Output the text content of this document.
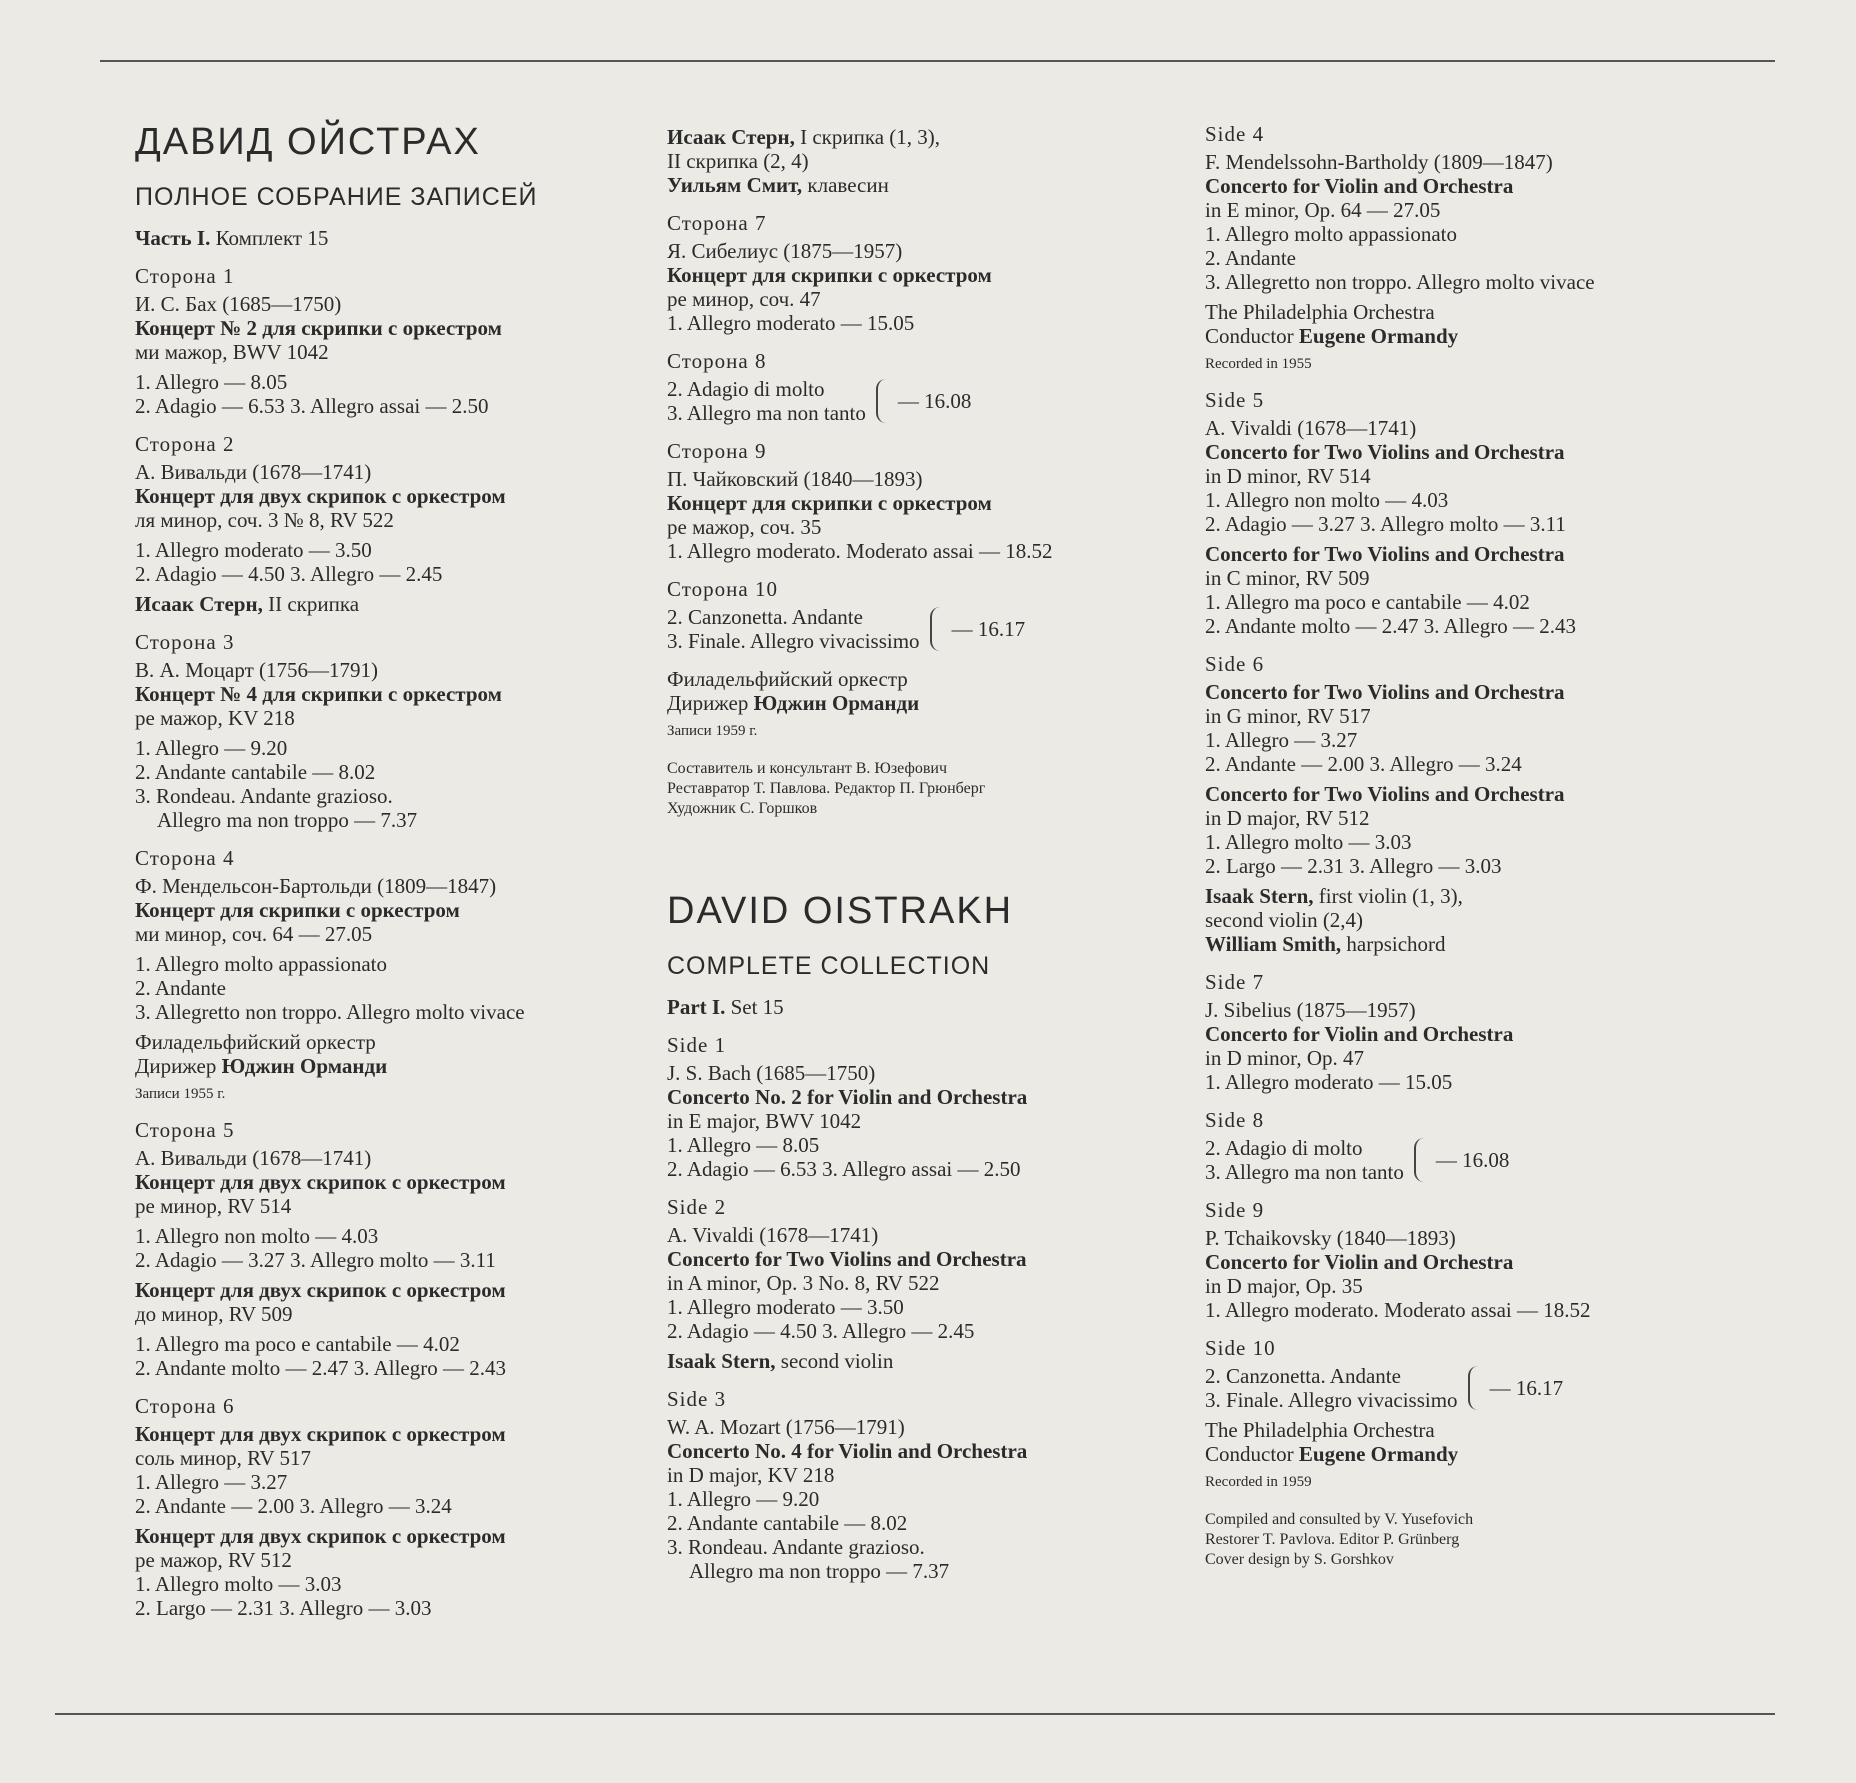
ДАВИД ОЙСТРАХ
ПОЛНОЕ СОБРАНИЕ ЗАПИСЕЙ
Часть I. Комплект 15
Сторона 1
И. С. Бах (1685—1750)
Концерт № 2 для скрипки с оркестром
ми мажор, BWV 1042
1. Allegro — 8.05
2. Adagio — 6.53 3. Allegro assai — 2.50
Сторона 2
А. Вивальди (1678—1741)
Концерт для двух скрипок с оркестром
ля минор, соч. 3 № 8, RV 522
1. Allegro moderato — 3.50
2. Adagio — 4.50 3. Allegro — 2.45
Исаак Стерн, II скрипка
Сторона 3
В. А. Моцарт (1756—1791)
Концерт № 4 для скрипки с оркестром
ре мажор, KV 218
1. Allegro — 9.20
2. Andante cantabile — 8.02
3. Rondeau. Andante grazioso.
Allegro ma non troppo — 7.37
Сторона 4
Ф. Мендельсон-Бартольди (1809—1847)
Концерт для скрипки с оркестром
ми минор, соч. 64 — 27.05
1. Allegro molto appassionato
2. Andante
3. Allegretto non troppo. Allegro molto vivace
Филадельфийский оркестр
Дирижер Юджин Орманди
Записи 1955 г.
Сторона 5
А. Вивальди (1678—1741)
Концерт для двух скрипок с оркестром
ре минор, RV 514
1. Allegro non molto — 4.03
2. Adagio — 3.27 3. Allegro molto — 3.11
Концерт для двух скрипок с оркестром
до минор, RV 509
1. Allegro ma poco e cantabile — 4.02
2. Andante molto — 2.47 3. Allegro — 2.43
Сторона 6
Концерт для двух скрипок с оркестром
соль минор, RV 517
1. Allegro — 3.27
2. Andante — 2.00 3. Allegro — 3.24
Концерт для двух скрипок с оркестром
ре мажор, RV 512
1. Allegro molto — 3.03
2. Largo — 2.31 3. Allegro — 3.03
Исаак Стерн, I скрипка (1, 3),
II скрипка (2, 4)
Уильям Смит, клавесин
Сторона 7
Я. Сибелиус (1875—1957)
Концерт для скрипки с оркестром
ре минор, соч. 47
1. Allegro moderato — 15.05
Сторона 8
2. Adagio di molto
3. Allegro ma non tanto — 16.08
Сторона 9
П. Чайковский (1840—1893)
Концерт для скрипки с оркестром
ре мажор, соч. 35
1. Allegro moderato. Moderato assai — 18.52
Сторона 10
2. Canzonetta. Andante
3. Finale. Allegro vivacissimo — 16.17
Филадельфийский оркестр
Дирижер Юджин Орманди
Записи 1959 г.
Составитель и консультант В. Юзефович
Реставратор Т. Павлова. Редактор П. Грюнберг
Художник С. Горшков
DAVID OISTRAKH
COMPLETE COLLECTION
Part I. Set 15
Side 1
J. S. Bach (1685—1750)
Concerto No. 2 for Violin and Orchestra
in E major, BWV 1042
1. Allegro — 8.05
2. Adagio — 6.53 3. Allegro assai — 2.50
Side 2
A. Vivaldi (1678—1741)
Concerto for Two Violins and Orchestra
in A minor, Op. 3 No. 8, RV 522
1. Allegro moderato — 3.50
2. Adagio — 4.50 3. Allegro — 2.45
Isaak Stern, second violin
Side 3
W. A. Mozart (1756—1791)
Concerto No. 4 for Violin and Orchestra
in D major, KV 218
1. Allegro — 9.20
2. Andante cantabile — 8.02
3. Rondeau. Andante grazioso.
Allegro ma non troppo — 7.37
Side 4
F. Mendelssohn-Bartholdy (1809—1847)
Concerto for Violin and Orchestra
in E minor, Op. 64 — 27.05
1. Allegro molto appassionato
2. Andante
3. Allegretto non troppo. Allegro molto vivace
The Philadelphia Orchestra
Conductor Eugene Ormandy
Recorded in 1955
Side 5
A. Vivaldi (1678—1741)
Concerto for Two Violins and Orchestra
in D minor, RV 514
1. Allegro non molto — 4.03
2. Adagio — 3.27 3. Allegro molto — 3.11
Concerto for Two Violins and Orchestra
in C minor, RV 509
1. Allegro ma poco e cantabile — 4.02
2. Andante molto — 2.47 3. Allegro — 2.43
Side 6
Concerto for Two Violins and Orchestra
in G minor, RV 517
1. Allegro — 3.27
2. Andante — 2.00 3. Allegro — 3.24
Concerto for Two Violins and Orchestra
in D major, RV 512
1. Allegro molto — 3.03
2. Largo — 2.31 3. Allegro — 3.03
Isaak Stern, first violin (1, 3),
second violin (2,4)
William Smith, harpsichord
Side 7
J. Sibelius (1875—1957)
Concerto for Violin and Orchestra
in D minor, Op. 47
1. Allegro moderato — 15.05
Side 8
2. Adagio di molto
3. Allegro ma non tanto — 16.08
Side 9
P. Tchaikovsky (1840—1893)
Concerto for Violin and Orchestra
in D major, Op. 35
1. Allegro moderato. Moderato assai — 18.52
Side 10
2. Canzonetta. Andante
3. Finale. Allegro vivacissimo — 16.17
The Philadelphia Orchestra
Conductor Eugene Ormandy
Recorded in 1959
Compiled and consulted by V. Yusefovich
Restorer T. Pavlova. Editor P. Grünberg
Cover design by S. Gorshkov
